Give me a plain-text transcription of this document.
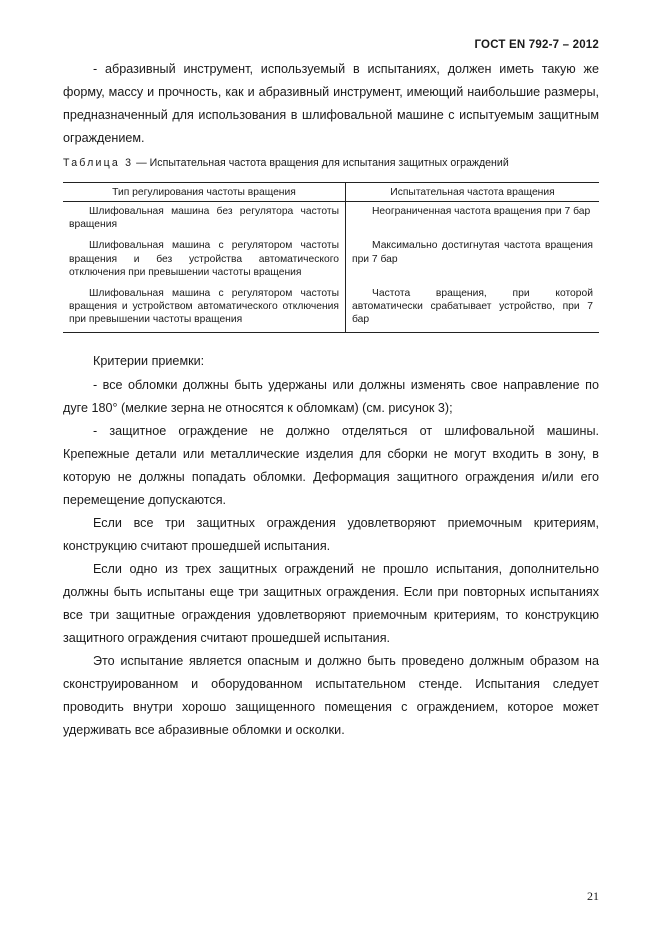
ГОСТ EN 792-7 – 2012

- абразивный инструмент, используемый в испытаниях, должен иметь такую же форму, массу и прочность, как и абразивный инструмент, имеющий наибольшие размеры, предназначенный для использования в шлифовальной машине с испытуемым защитным ограждением.

Таблица 3 — Испытательная частота вращения для испытания защитных ограждений
Тип регулирования частоты вращения	Испытательная частота вращения

Шлифовальная машина без регулятора частоты вращения	Неограниченная частота вращения при 7 бар

Шлифовальная машина с регулятором частоты вращения и без устройства автоматического отключения при превышении частоты вращения	Максимально достигнутая частота вращения при 7 бар

Шлифовальная машина с регулятором частоты вращения и устройством автоматического отключения при превышении частоты вращения	Частота вращения, при которой автоматически срабатывает устройство, при 7 бар

Критерии приемки:

- все обломки должны быть удержаны или должны изменять свое направление по дуге 180° (мелкие зерна не относятся к обломкам) (см. рисунок 3);

- защитное ограждение не должно отделяться от шлифовальной машины. Крепежные детали или металлические изделия для сборки не могут входить в зону, в которую не должны попадать обломки. Деформация защитного ограждения и/или его перемещение допускаются.

Если все три защитных ограждения удовлетворяют приемочным критериям, конструкцию считают прошедшей испытания.

Если одно из трех защитных ограждений не прошло испытания, дополнительно должны быть испытаны еще три защитных ограждения. Если при повторных испытаниях все три защитные ограждения удовлетворяют приемочным критериям, то конструкцию защитного ограждения считают прошедшей испытания.

Это испытание является опасным и должно быть проведено должным образом на сконструированном и оборудованном испытательном стенде. Испытания следует проводить внутри хорошо защищенного помещения с ограждением, которое может удерживать все абразивные обломки и осколки.

21
